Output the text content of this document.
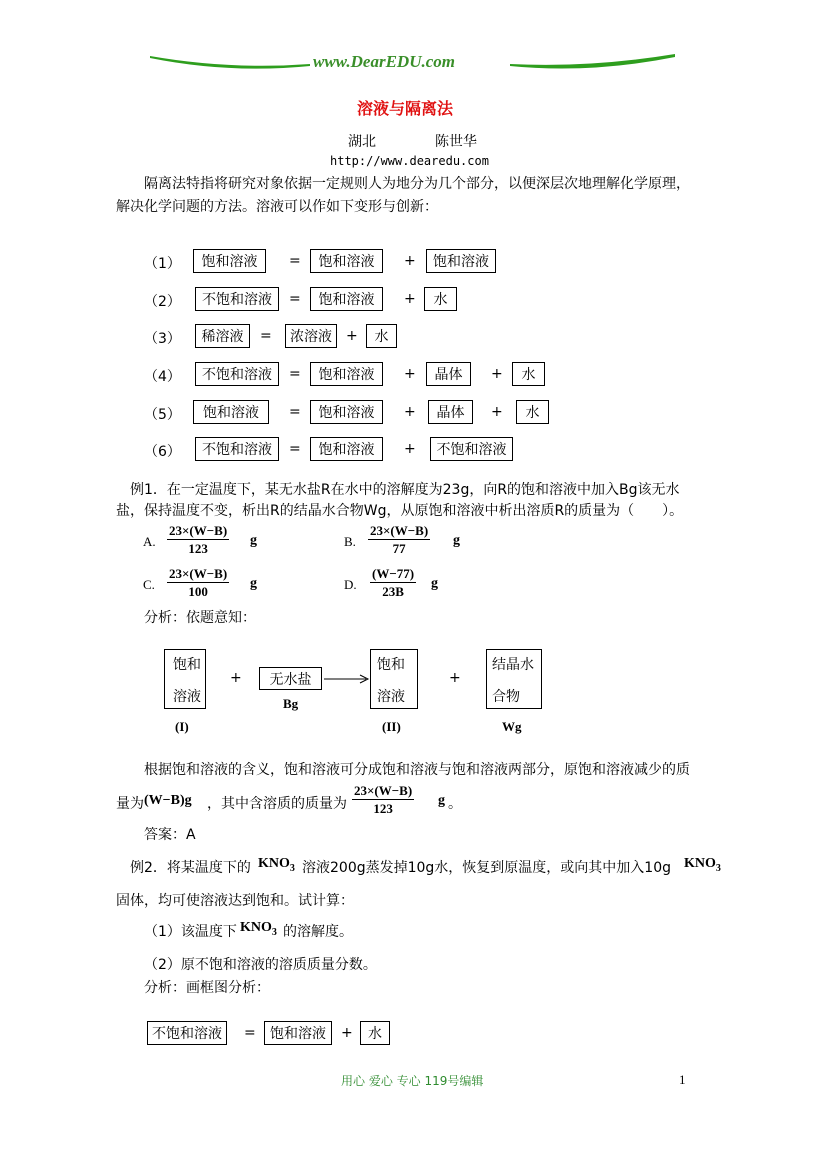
www.DearEDU.com
溶液与隔离法
湖北	陈世华
http://www.dearedu.com
隔离法特指将研究对象依据一定规则人为地分为几个部分，以便深层次地理解化学原理，
解决化学问题的方法。溶液可以作如下变形与创新：
（1）	饱和溶液	=	饱和溶液	+	饱和溶液
（2）	不饱和溶液	=	饱和溶液	+	水
（3）	稀溶液	=	浓溶液	+	水
（4）	不饱和溶液	=	饱和溶液	+	晶体	+	水
（5）	饱和溶液	=	饱和溶液	+	晶体	+	水
（6）	不饱和溶液	=	饱和溶液	+	不饱和溶液
例1．在一定温度下，某无水盐R在水中的溶解度为23g，向R的饱和溶液中加入Bg该无水
盐，保持温度不变，析出R的结晶水合物Wg，从原饱和溶液中析出溶质R的质量为（　　）。
A. $\frac{23\times(W-B)}{123}$ g	B. $\frac{23\times(W-B)}{77}$ g
C. $\frac{23\times(W-B)}{100}$ g	D. $\frac{(W-77)}{23B}$ g
分析：依题意知：
饱和
溶液
(I)
+	无水盐
Bg
饱和
溶液
(II)
+
结晶水
合物
Wg
根据饱和溶液的含义，饱和溶液可分成饱和溶液与饱和溶液两部分，原饱和溶液减少的质
量为 (W−B)g ，其中含溶质的质量为 $\frac{23\times(W-B)}{123}$ g 。
答案：A
例2．将某温度下的 $KNO_3$ 溶液200g蒸发掉10g水，恢复到原温度，或向其中加入10g $KNO_3$
固体，均可使溶液达到饱和。试计算：
（1）该温度下 $KNO_3$ 的溶解度。
（2）原不饱和溶液的溶质质量分数。
分析：画框图分析：
不饱和溶液	=	饱和溶液	+	水
用心 爱心 专心 119号编辑	1
